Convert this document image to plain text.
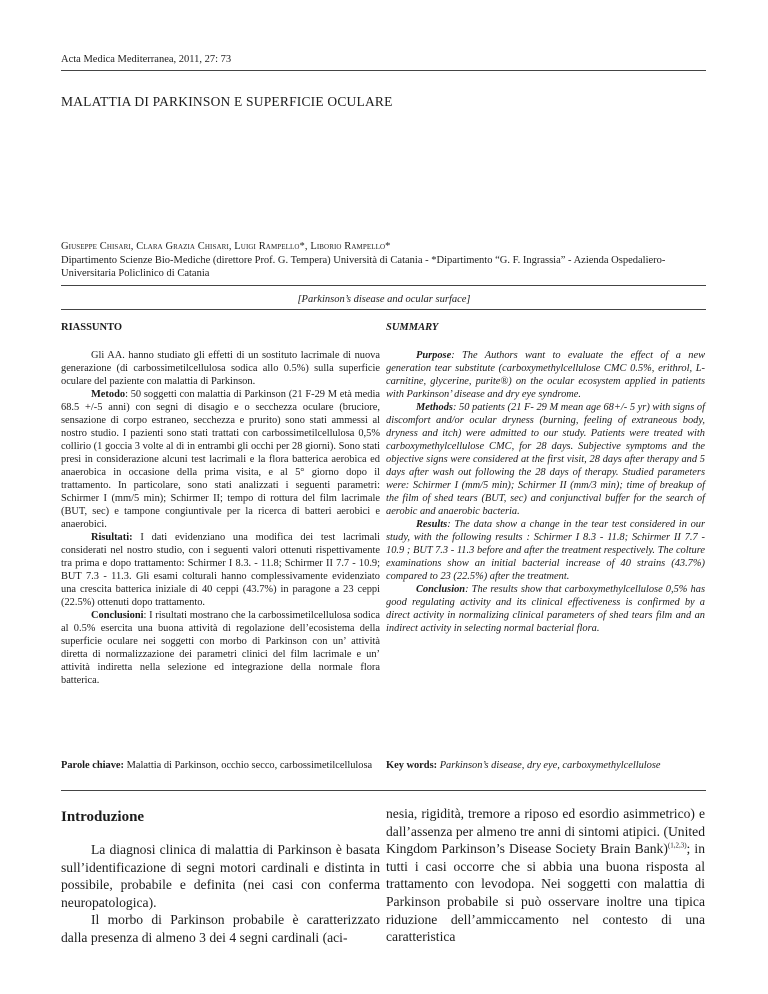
Acta Medica Mediterranea, 2011, 27: 73
MALATTIA DI PARKINSON E SUPERFICIE OCULARE
Giuseppe Chisari, Clara Grazia Chisari, Luigi Rampello*, Liborio Rampello*
Dipartimento Scienze Bio-Mediche (direttore Prof. G. Tempera) Università di Catania - *Dipartimento “G. F. Ingrassia” - Azienda Ospedaliero-Universitaria Policlinico di Catania
[Parkinson’s disease and ocular surface]
RIASSUNTO	SUMMARY

Gli AA. hanno studiato gli effetti di un sostituto lacrimale di nuova generazione (di carbossimetilcellulosa sodica allo 0.5%) sulla superficie oculare del paziente con malattia di Parkinson.

Metodo: 50 soggetti con malattia di Parkinson (21 F-29 M età media 68.5 +/-5 anni) con segni di disagio e o secchezza oculare (bruciore, sensazione di corpo estraneo, secchezza e prurito) sono stati ammessi al nostro studio. I pazienti sono stati trattati con carbossimetilcellulosa 0,5% collirio (1 goccia 3 volte al dì in entrambi gli occhi per 28 giorni). Sono stati presi in considerazione alcuni test lacrimali e la flora batterica aerobica ed anaerobica in occasione della prima visita, e al 5° giorno dopo il trattamento. In particolare, sono stati analizzati i seguenti parametri: Schirmer I (mm/5 min); Schirmer II; tempo di rottura del film lacrimale (BUT, sec) e tampone congiuntivale per la ricerca di batteri aerobici e anaerobici.

Risultati: I dati evidenziano una modifica dei test lacrimali considerati nel nostro studio, con i seguenti valori ottenuti rispettivamente tra prima e dopo trattamento: Schirmer I 8.3. - 11.8; Schirmer II 7.7 - 10.9; BUT 7.3 - 11.3. Gli esami colturali hanno complessivamente evidenziato una crescita batterica iniziale di 40 ceppi (43.7%) in paragone a 23 ceppi (22.5%) ottenuti dopo trattamento.

Conclusioni: I risultati mostrano che la carbossimetilcellulosa sodica al 0.5% esercita una buona attività di regolazione dell’ecosistema della superficie oculare nei soggetti con morbo di Parkinson con un’ attività diretta di normalizzazione dei parametri clinici del film lacrimale e un’ attività indiretta nella selezione ed integrazione della normale flora batterica.

Purpose: The Authors want to evaluate the effect of a new generation tear substitute (carboxymethylcellulose CMC 0.5%, erithrol, L-carnitine, glycerine, purite®) on the ocular ecosystem applied in patients with Parkinson’ disease and dry eye syndrome.

Methods: 50 patients (21 F- 29 M mean age 68+/- 5 yr) with signs of discomfort and/or ocular dryness (burning, feeling of extraneous body, dryness and itch) were admitted to our study. Patients were treated with carboxymethylcellulose CMC, for 28 days. Subjective symptoms and the objective signs were considered at the first visit, 28 days after therapy and 5 days after wash out following the 28 days of therapy. Studied parameters were: Schirmer I (mm/5 min); Schirmer II (mm/3 min); time of breakup of the film of shed tears (BUT, sec) and conjunctival buffer for the search of aerobic and anaerobic bacteria.

Results: The data show a change in the tear test considered in our study, with the following results : Schirmer I 8.3 - 11.8; Schirmer II 7.7 - 10.9 ; BUT 7.3 - 11.3 before and after the treatment respectively. The colture examinations show an initial bacterial increase of 40 strains (43.7%) compared to 23 (22.5%) after the treatment.

Conclusion: The results show that carboxymethylcellulose 0,5% has good regulating activity and its clinical effectiveness is confirmed by a direct activity in normalizing clinical parameters of shed tears film and an indirect activity in selecting normal bacterial flora.

Parole chiave: Malattia di Parkinson, occhio secco, carbossimetilcellulosa	Key words: Parkinson’s disease, dry eye, carboxymethylcellulose
Introduzione

La diagnosi clinica di malattia di Parkinson è basata sull’identificazione di segni motori cardinali e distinta in possibile, probabile e definita (nei casi con conferma neuropatologica).

Il morbo di Parkinson probabile è caratterizzato dalla presenza di almeno 3 dei 4 segni cardinali (aci-

nesia, rigidità, tremore a riposo ed esordio asimmetrico) e dall’assenza per almeno tre anni di sintomi atipici. (United Kingdom Parkinson’s Disease Society Brain Bank)$^{(1,2,3)}$; in tutti i casi occorre che si abbia una buona risposta al trattamento con levodopa. Nei soggetti con malattia di Parkinson probabile si può osservare inoltre una tipica riduzione dell’ammiccamento nel contesto di una caratteristica
